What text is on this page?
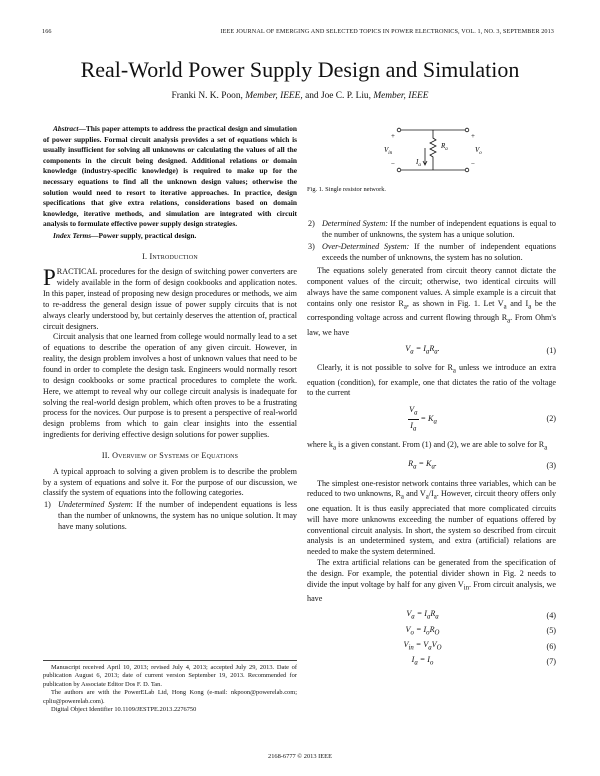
166	IEEE JOURNAL OF EMERGING AND SELECTED TOPICS IN POWER ELECTRONICS, VOL. 1, NO. 3, SEPTEMBER 2013
Real-World Power Supply Design and Simulation
Franki N. K. Poon, Member, IEEE, and Joe C. P. Liu, Member, IEEE

Abstract—This paper attempts to address the practical design and simulation of power supplies. Formal circuit analysis provides a set of equations which is usually insufficient for solving all unknowns or calculating the values of all the components in the circuit being designed. Additional relations or domain knowledge (industry-specific knowledge) is required to make up for the necessary equations to find all the unknown design values; otherwise the solution would need to resort to iterative approaches. In practice, design specifications that give extra relations, considerations based on domain knowledge, iterative methods, and simulation are integrated with circuit analysis to formulate effective power supply design strategies.

Index Terms—Power supply, practical design.

I. Introduction

PRACTICAL procedures for the design of switching power converters are widely available in the form of design cookbooks and application notes. In this paper, instead of proposing new design procedures or methods, we aim to re-address the general design issue of power supply circuits that is not always clearly understood by, but certainly deserves the attention of, practical circuit designers.

Circuit analysis that one learned from college would normally lead to a set of equations to describe the operation of any given circuit. However, in reality, the design problem involves a host of unknown values that need to be found in order to complete the design task. Engineers would normally resort to design cookbooks or some practical procedures to complete the work. Here, we attempt to reveal why our college circuit analysis is inadequate for solving the real-world design problem, which often proves to be a frustrating process for the novices. Our purpose is to present a perspective of real-world design problems from which to gain clear insights into the essential ingredients for deriving effective design solutions for power supplies.

II. Overview of Systems of Equations

A typical approach to solving a given problem is to describe the problem by a system of equations and solve it. For the purpose of our discussion, we classify the system of equations into the following categories.

1) Undetermined System: If the number of independent equations is less than the number of unknowns, the system has no unique solution. It may have many solutions.

Manuscript received April 10, 2013; revised July 4, 2013; accepted July 29, 2013. Date of publication August 6, 2013; date of current version September 19, 2013. Recommended for publication by Associate Editor Dos F. D. Tan.

The authors are with the PowerELab Ltd, Hong Kong (e-mail: nkpoon@powerelab.com; cpliu@powerelab.com).

Digital Object Identifier 10.1109/JESTPE.2013.2276750

+
−
+
−
$V_{in}$	$V_o$
$R_a$
$I_a$
Fig. 1. Single resistor network.
2) Determined System: If the number of independent equations is equal to the number of unknowns, the system has a unique solution.
3) Over-Determined System: If the number of independent equations exceeds the number of unknowns, the system has no solution.

The equations solely generated from circuit theory cannot dictate the component values of the circuit; otherwise, two identical circuits will always have the same component values. A simple example is a circuit that contains only one resistor $R_a$, as shown in Fig. 1. Let $V_a$ and $I_a$ be the corresponding voltage across and current flowing through $R_a$. From Ohm's law, we have

$V_a = I_aR_a$.	(1)

Clearly, it is not possible to solve for $R_a$ unless we introduce an extra equation (condition), for example, one that dictates the ratio of the voltage to the current

$\frac{V_a}{I_a} = K_a$	(2)

where $k_a$ is a given constant. From (1) and (2), we are able to solve for $R_a$

$R_a = K_a$.	(3)

The simplest one-resistor network contains three variables, which can be reduced to two unknowns, $R_a$ and $V_a/I_a$. However, circuit theory offers only one equation. It is thus easily appreciated that more complicated circuits will have more unknowns exceeding the number of equations offered by conventional circuit analysis. In short, the system so described from circuit analysis is an undetermined system, and extra (artificial) relations are needed to make the system determined.

The extra artificial relations can be generated from the specification of the design. For example, the potential divider shown in Fig. 2 needs to divide the input voltage by half for any given $V_{in}$. From circuit analysis, we have

$V_a = I_aR_a$	(4)
$V_o = I_oR_O$	(5)
$V_{in} = V_aV_O$	(6)
$I_a = I_o$	(7)
2168-6777 © 2013 IEEE
